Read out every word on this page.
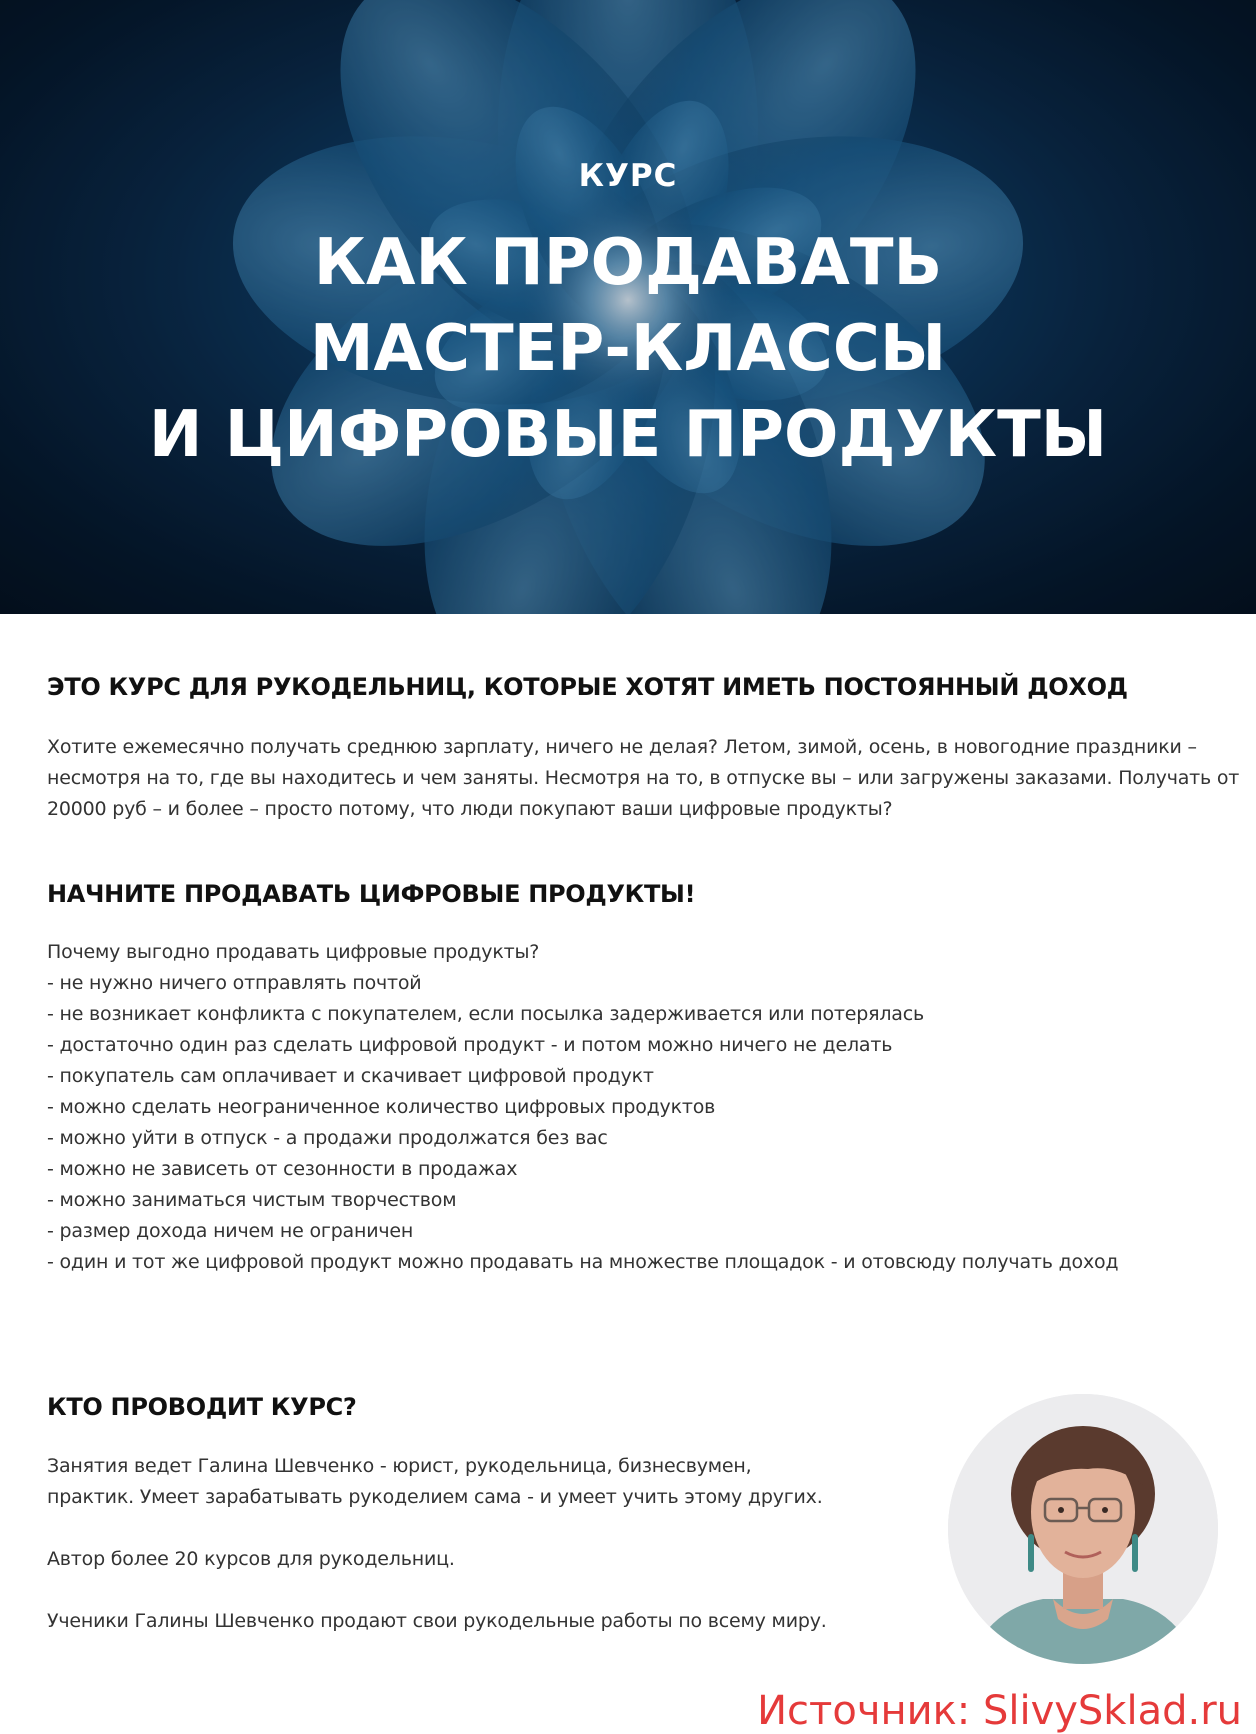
КУРС
КАК ПРОДАВАТЬ
МАСТЕР-КЛАССЫ
И ЦИФРОВЫЕ ПРОДУКТЫ
ЭТО КУРС ДЛЯ РУКОДЕЛЬНИЦ, КОТОРЫЕ ХОТЯТ ИМЕТЬ ПОСТОЯННЫЙ ДОХОД
Хотите ежемесячно получать среднюю зарплату, ничего не делая? Летом, зимой, осень, в новогодние праздники –
несмотря на то, где вы находитесь и чем заняты. Несмотря на то, в отпуске вы – или загружены заказами. Получать от
20000 руб – и более – просто потому, что люди покупают ваши цифровые продукты?
НАЧНИТЕ ПРОДАВАТЬ ЦИФРОВЫЕ ПРОДУКТЫ!
Почему выгодно продавать цифровые продукты?
- не нужно ничего отправлять почтой
- не возникает конфликта с покупателем, если посылка задерживается или потерялась
- достаточно один раз сделать цифровой продукт - и потом можно ничего не делать
- покупатель сам оплачивает и скачивает цифровой продукт
- можно сделать неограниченное количество цифровых продуктов
- можно уйти в отпуск - а продажи продолжатся без вас
- можно не зависеть от сезонности в продажах
- можно заниматься чистым творчеством
- размер дохода ничем не ограничен
- один и тот же цифровой продукт можно продавать на множестве площадок - и отовсюду получать доход
КТО ПРОВОДИТ КУРС?
Занятия ведет Галина Шевченко - юрист, рукодельница, бизнесвумен,
практик. Умеет зарабатывать рукоделием сама - и умеет учить этому других.
Автор более 20 курсов для рукодельниц.
Ученики Галины Шевченко продают свои рукодельные работы по всему миру.
Источник: SlivySklad.ru
